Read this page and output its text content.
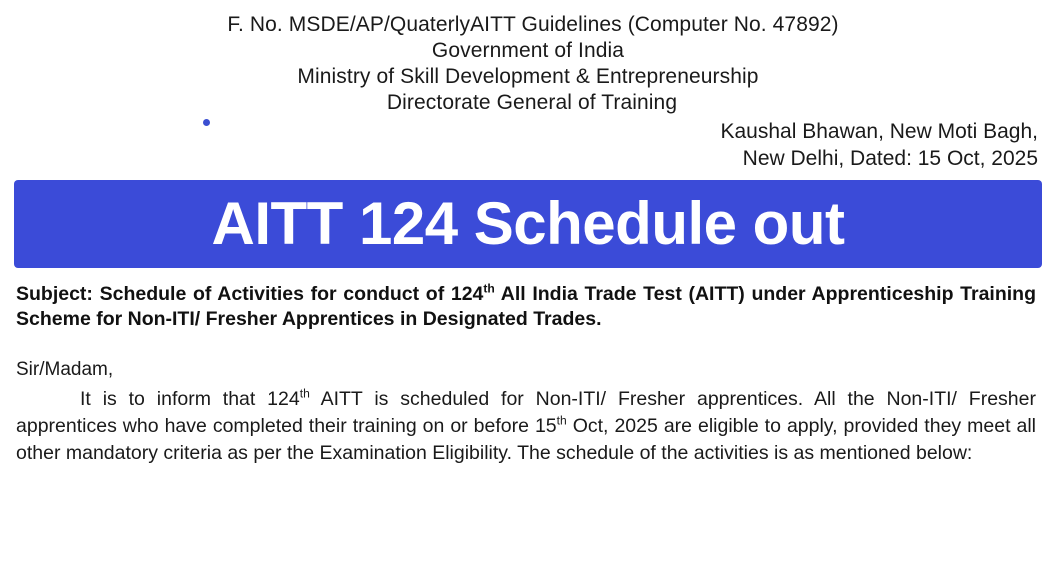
F. No. MSDE/AP/QuaterlyAITT Guidelines (Computer No. 47892)
Government of India
Ministry of Skill Development & Entrepreneurship
Directorate General of Training
Kaushal Bhawan, New Moti Bagh,
New Delhi, Dated: 15 Oct, 2025
AITT 124 Schedule out
Subject: Schedule of Activities for conduct of 124th All India Trade Test (AITT) under Apprenticeship Training Scheme for Non-ITI/ Fresher Apprentices in Designated Trades.
Sir/Madam,
It is to inform that 124th AITT is scheduled for Non-ITI/ Fresher apprentices. All the Non-ITI/ Fresher apprentices who have completed their training on or before 15th Oct, 2025 are eligible to apply, provided they meet all other mandatory criteria as per the Examination Eligibility. The schedule of the activities is as mentioned below:
